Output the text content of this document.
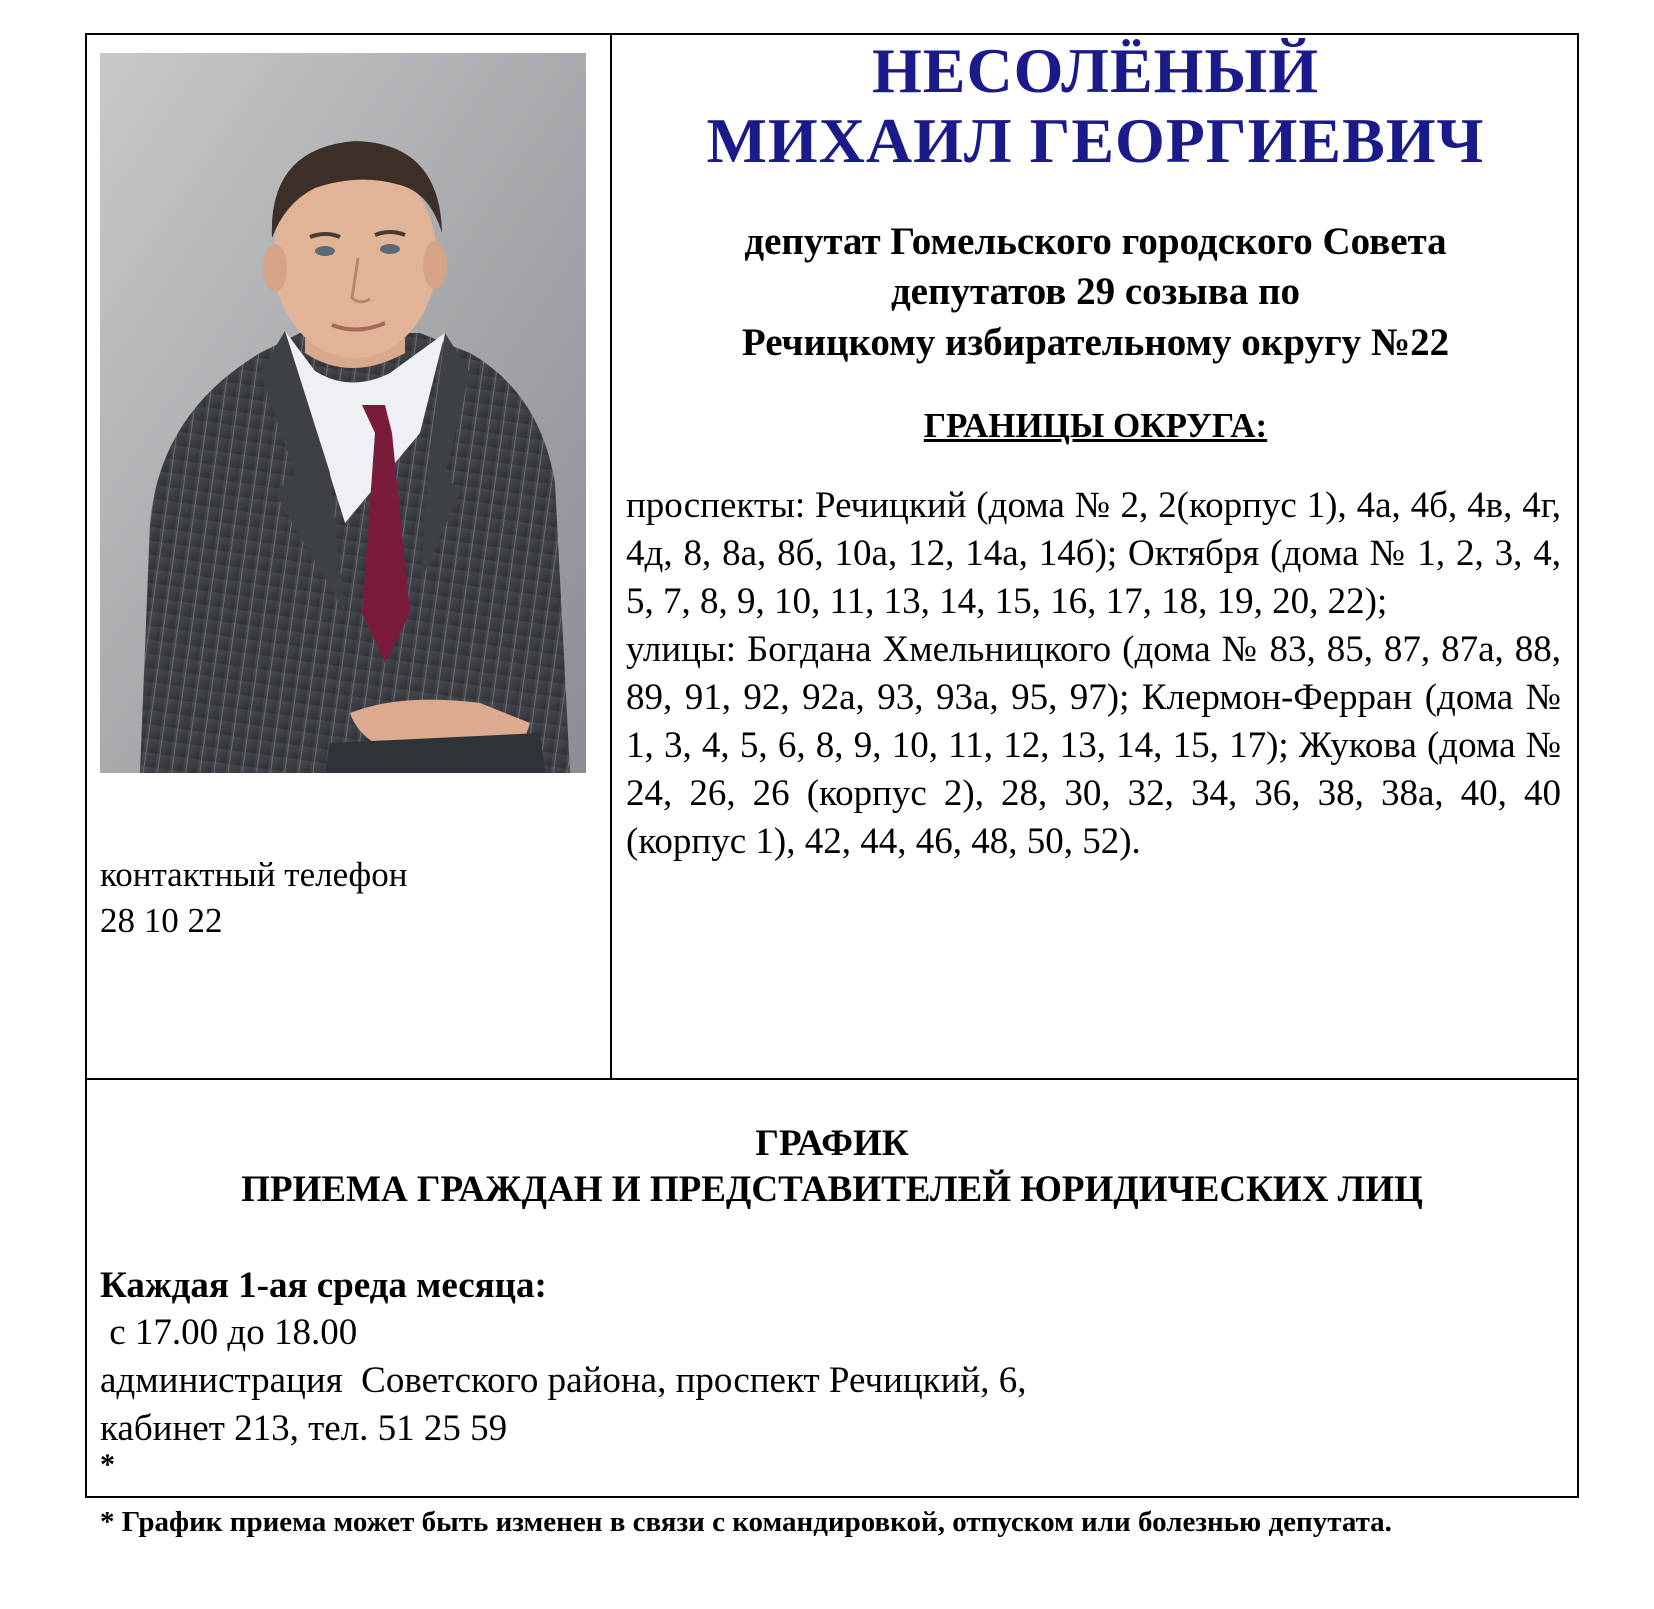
контактный телефон
28 10 22
НЕСОЛЁНЫЙ
МИХАИЛ ГЕОРГИЕВИЧ
депутат Гомельского городского Совета
депутатов 29 созыва по
Речицкому избирательному округу №22
ГРАНИЦЫ ОКРУГА:

проспекты: Речицкий (дома № 2, 2(корпус 1), 4а, 4б, 4в, 4г, 4д, 8, 8а, 8б, 10а, 12, 14а, 14б); Октября (дома № 1, 2, 3, 4, 5, 7, 8, 9, 10, 11, 13, 14, 15, 16, 17, 18, 19, 20, 22);

улицы: Богдана Хмельницкого (дома № 83, 85, 87, 87а, 88, 89, 91, 92, 92а, 93, 93а, 95, 97); Клермон-Ферран (дома № 1, 3, 4, 5, 6, 8, 9, 10, 11, 12, 13, 14, 15, 17); Жукова (дома № 24, 26, 26 (корпус 2), 28, 30, 32, 34, 36, 38, 38а, 40, 40 (корпус 1), 42, 44, 46, 48, 50, 52).

ГРАФИК
ПРИЕМА ГРАЖДАН И ПРЕДСТАВИТЕЛЕЙ ЮРИДИЧЕСКИХ ЛИЦ
Каждая 1-ая среда месяца:
с 17.00 до 18.00
администрация  Советского района, проспект Речицкий, 6,
кабинет 213, тел. 51 25 59
*
* График приема может быть изменен в связи с командировкой, отпуском или болезнью депутата.
